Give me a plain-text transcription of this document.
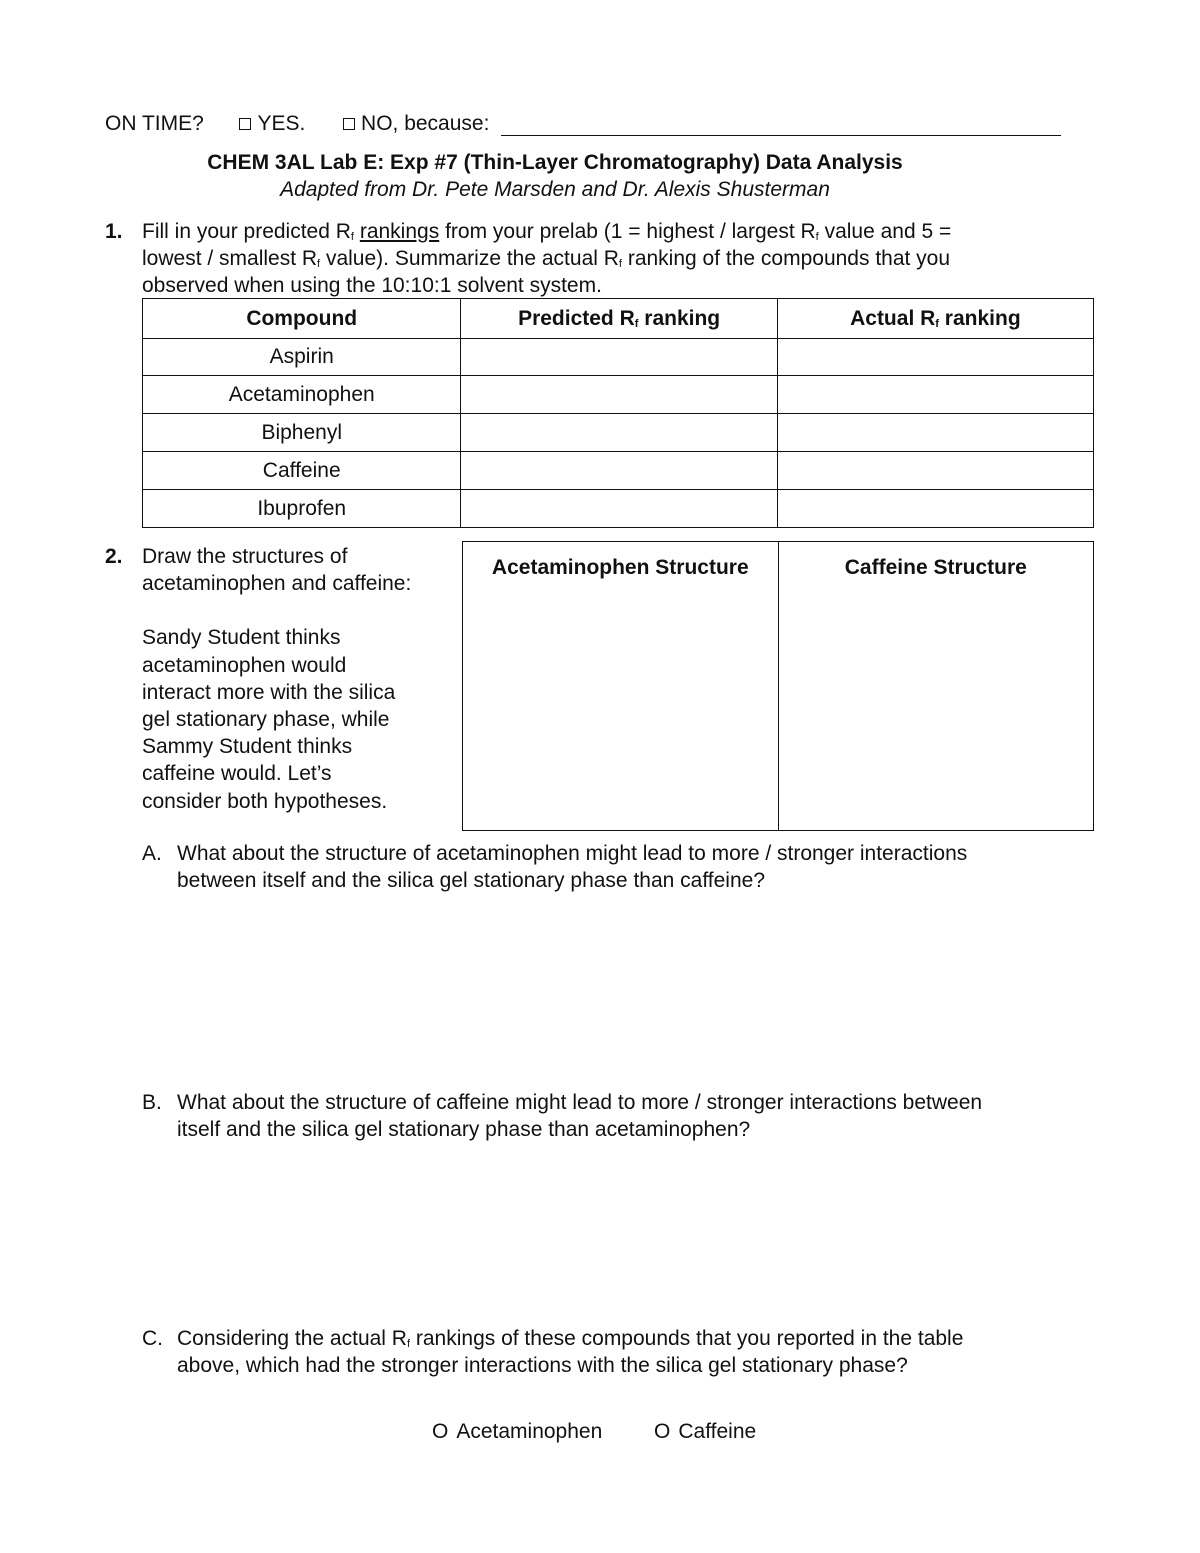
ON TIME?	YES.	NO, because:
CHEM 3AL Lab E: Exp #7 (Thin-Layer Chromatography) Data Analysis
Adapted from Dr. Pete Marsden and Dr. Alexis Shusterman
1. Fill in your predicted $R_f$ rankings from your prelab (1 = highest / largest $R_f$ value and 5 =
lowest / smallest $R_f$ value). Summarize the actual $R_f$ ranking of the compounds that you
observed when using the 10:10:1 solvent system.
Compound	Predicted $R_f$ ranking	Actual $R_f$ ranking
Aspirin		
Acetaminophen		
Biphenyl		
Caffeine		
Ibuprofen		
2. Draw the structures of
acetaminophen and caffeine:
Sandy Student thinks
acetaminophen would
interact more with the silica
gel stationary phase, while
Sammy Student thinks
caffeine would. Let’s
consider both hypotheses.
Acetaminophen Structure	Caffeine Structure
A. What about the structure of acetaminophen might lead to more / stronger interactions
between itself and the silica gel stationary phase than caffeine?
B. What about the structure of caffeine might lead to more / stronger interactions between
itself and the silica gel stationary phase than acetaminophen?
C. Considering the actual $R_f$ rankings of these compounds that you reported in the table
above, which had the stronger interactions with the silica gel stationary phase?
O Acetaminophen O Caffeine
